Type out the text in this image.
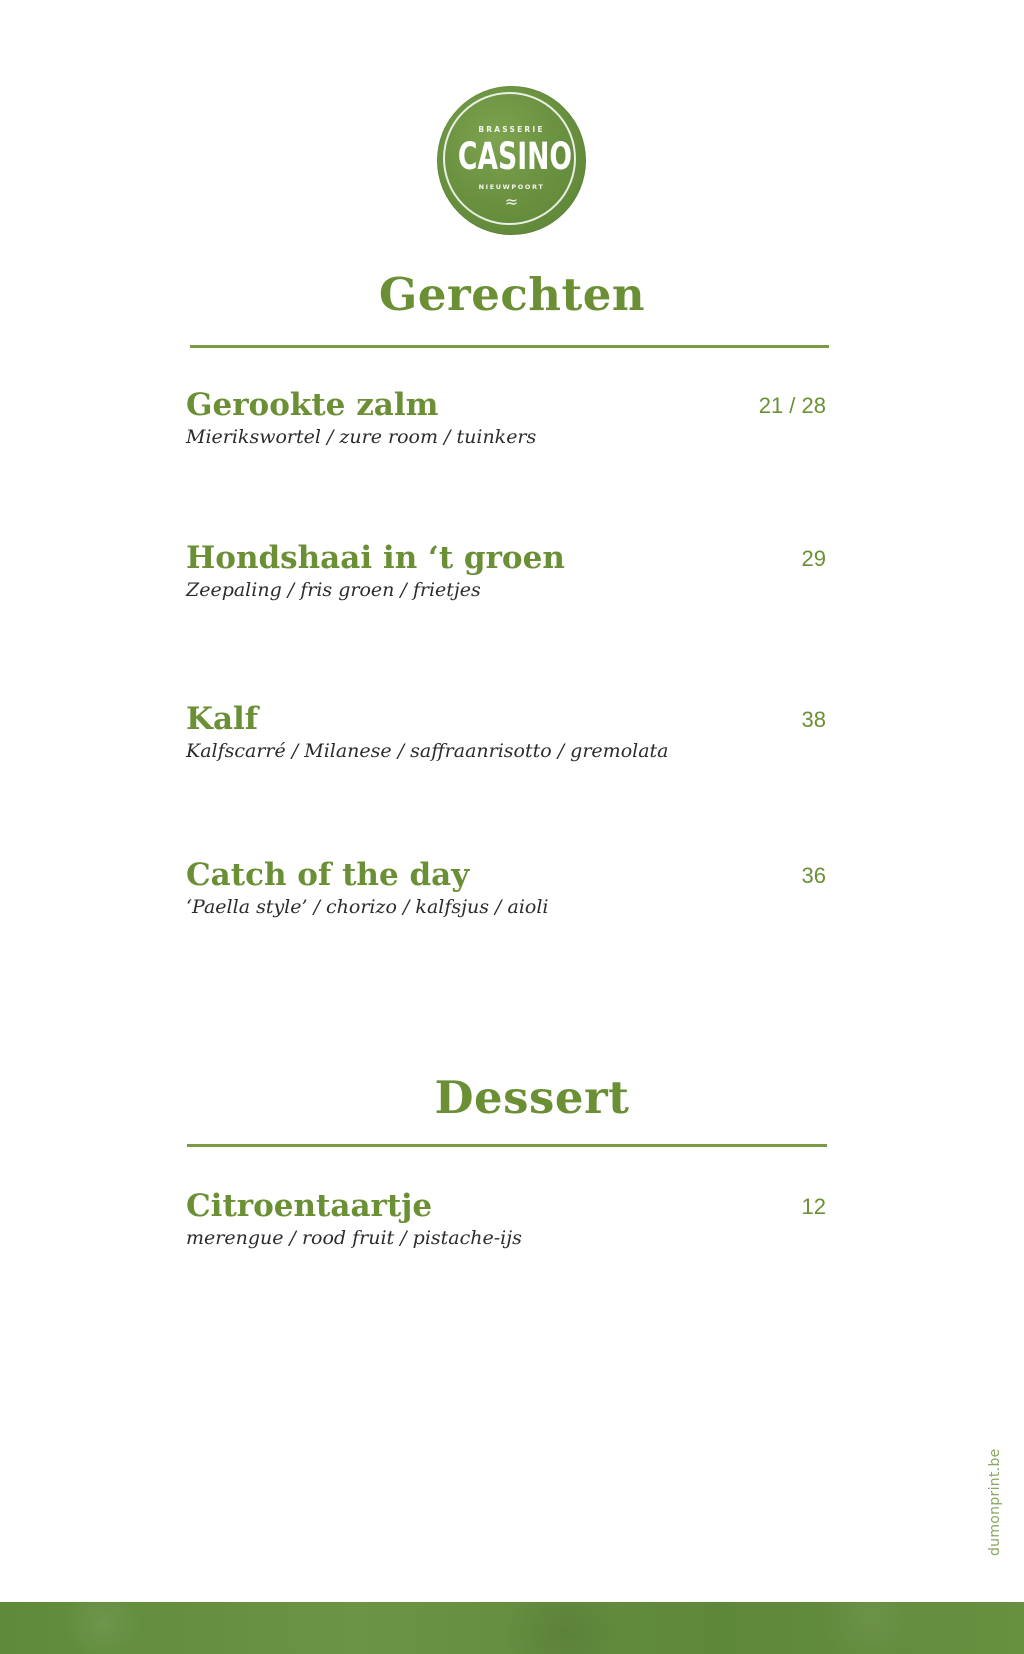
BRASSERIE
CASINO
NIEUWPOORT
≈
Gerechten
Gerookte zalm
Mierikswortel / zure room / tuinkers
21 / 28
Hondshaai in ‘t groen
Zeepaling / fris groen / frietjes
29
Kalf
Kalfscarré / Milanese / saffraanrisotto / gremolata
38
Catch of the day
‘Paella style’ / chorizo / kalfsjus / aioli
36
Dessert
Citroentaartje
merengue / rood fruit / pistache-ijs
12
dumonprint.be
